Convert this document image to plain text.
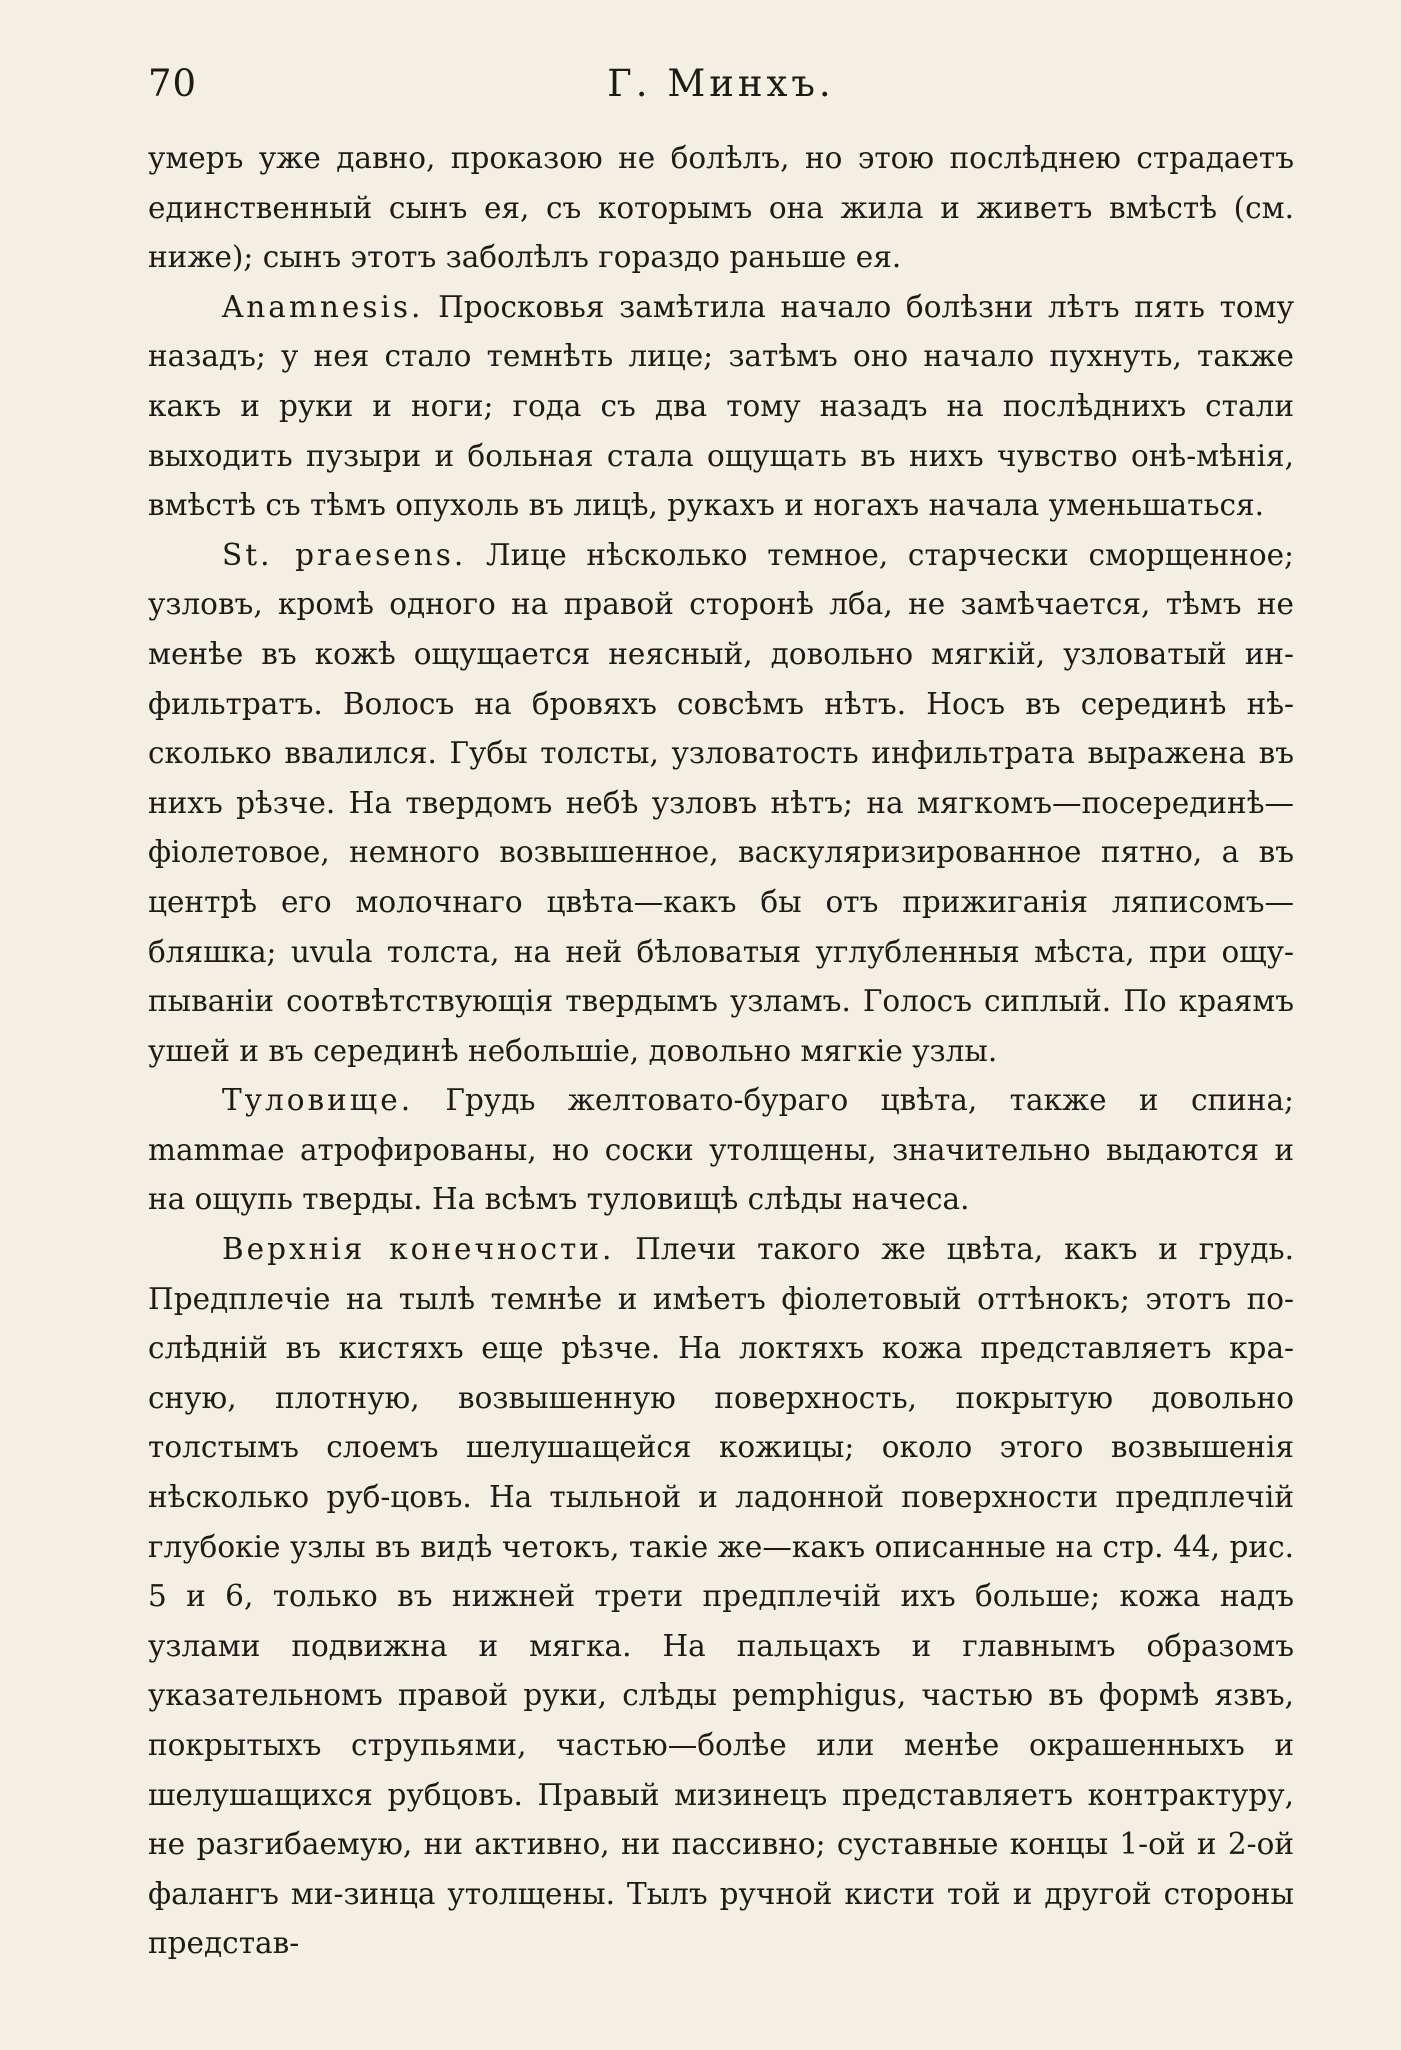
70	Г. Минхъ.

умеръ уже давно, проказою не болѣлъ, но этою послѣднею страдаетъ единственный сынъ ея, съ которымъ она жила и живетъ вмѣстѣ (см. ниже); сынъ этотъ заболѣлъ гораздо раньше ея.

Anamnesis. Просковья замѣтила начало болѣзни лѣтъ пять тому назадъ; у нея стало темнѣть лице; затѣмъ оно начало пухнуть, также какъ и руки и ноги; года съ два тому назадъ на послѣднихъ стали выходить пузыри и больная стала ощущать въ нихъ чувство онѣ-мѣнія, вмѣстѣ съ тѣмъ опухоль въ лицѣ, рукахъ и ногахъ начала уменьшаться.

St. praesens. Лице нѣсколько темное, старчески сморщенное; узловъ, кромѣ одного на правой сторонѣ лба, не замѣчается, тѣмъ не менѣе въ кожѣ ощущается неясный, довольно мягкій, узловатый ин-фильтратъ. Волосъ на бровяхъ совсѣмъ нѣтъ. Носъ въ серединѣ нѣ-сколько ввалился. Губы толсты, узловатость инфильтрата выражена въ нихъ рѣзче. На твердомъ небѣ узловъ нѣтъ; на мягкомъ—посерединѣ—фіолетовое, немного возвышенное, васкуляризированное пятно, а въ центрѣ его молочнаго цвѣта—какъ бы отъ прижиганія ляписомъ—бляшка; uvula толста, на ней бѣловатыя углубленныя мѣста, при ощу-пываніи соотвѣтствующія твердымъ узламъ. Голосъ сиплый. По краямъ ушей и въ серединѣ небольшіе, довольно мягкіе узлы.

Туловище. Грудь желтовато-бураго цвѣта, также и спина; mammae атрофированы, но соски утолщены, значительно выдаются и на ощупь тверды. На всѣмъ туловищѣ слѣды начеса.

Верхнія конечности. Плечи такого же цвѣта, какъ и грудь. Предплечіе на тылѣ темнѣе и имѣетъ фіолетовый оттѣнокъ; этотъ по-слѣдній въ кистяхъ еще рѣзче. На локтяхъ кожа представляетъ кра-сную, плотную, возвышенную поверхность, покрытую довольно толстымъ слоемъ шелушащейся кожицы; около этого возвышенія нѣсколько руб-цовъ. На тыльной и ладонной поверхности предплечій глубокіе узлы въ видѣ четокъ, такіе же—какъ описанные на стр. 44, рис. 5 и 6, только въ нижней трети предплечій ихъ больше; кожа надъ узлами подвижна и мягка. На пальцахъ и главнымъ образомъ указательномъ правой руки, слѣды pemphigus, частью въ формѣ язвъ, покрытыхъ струпьями, частью—болѣе или менѣе окрашенныхъ и шелушащихся рубцовъ. Правый мизинецъ представляетъ контрактуру, не разгибаемую, ни активно, ни пассивно; суставные концы 1-ой и 2-ой фалангъ ми-зинца утолщены. Тылъ ручной кисти той и другой стороны представ-
